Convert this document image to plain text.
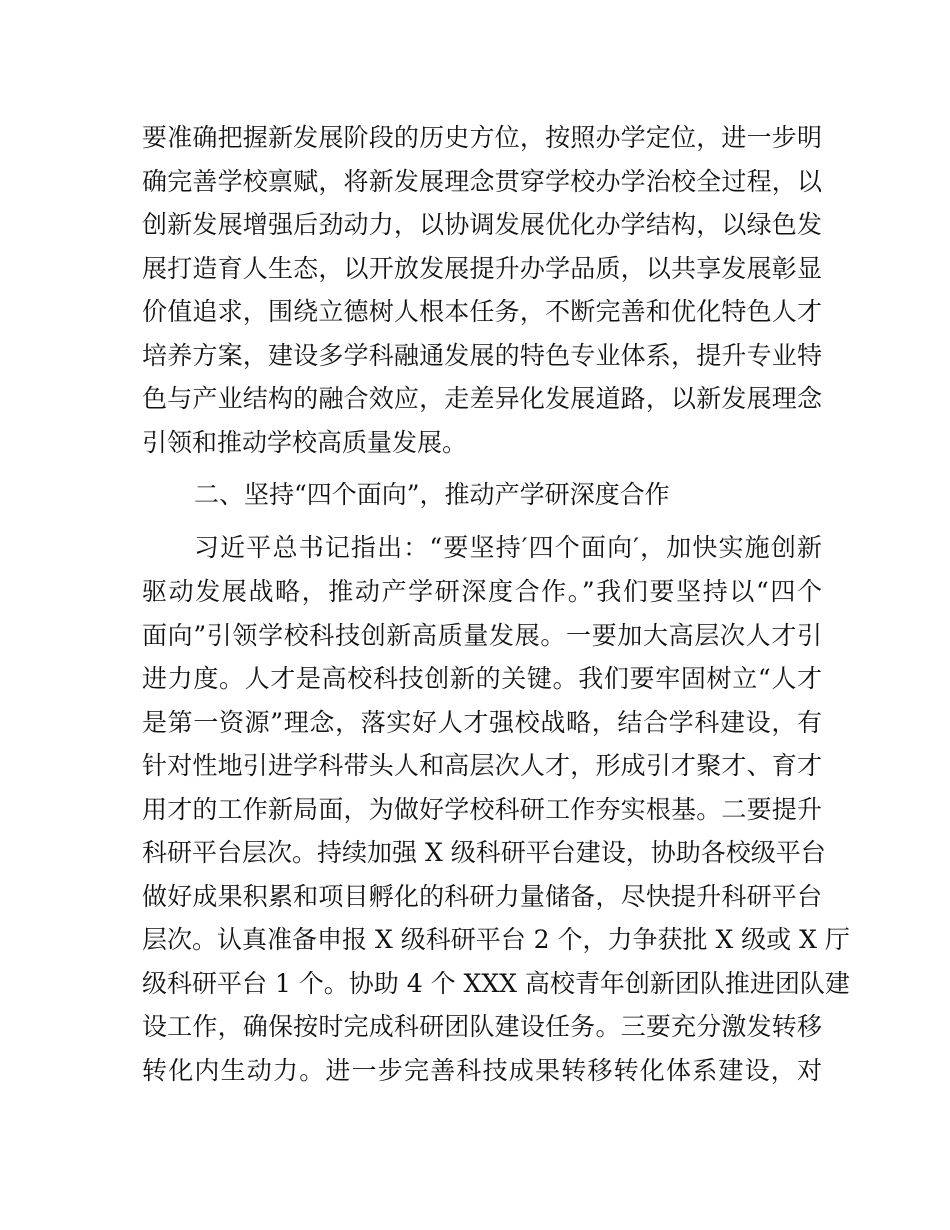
要准确把握新发展阶段的历史方位，按照办学定位，进一步明
确完善学校禀赋，将新发展理念贯穿学校办学治校全过程，以
创新发展增强后劲动力，以协调发展优化办学结构，以绿色发
展打造育人生态，以开放发展提升办学品质，以共享发展彰显
价值追求，围绕立德树人根本任务，不断完善和优化特色人才
培养方案，建设多学科融通发展的特色专业体系，提升专业特
色与产业结构的融合效应，走差异化发展道路，以新发展理念
引领和推动学校高质量发展。
二、坚持“四个面向”，推动产学研深度合作
习近平总书记指出：“要坚持′四个面向′，加快实施创新
驱动发展战略，推动产学研深度合作。”我们要坚持以“四个
面向”引领学校科技创新高质量发展。一要加大高层次人才引
进力度。人才是高校科技创新的关键。我们要牢固树立“人才
是第一资源”理念，落实好人才强校战略，结合学科建设，有
针对性地引进学科带头人和高层次人才，形成引才聚才、育才
用才的工作新局面，为做好学校科研工作夯实根基。二要提升
科研平台层次。持续加强 X 级科研平台建设，协助各校级平台
做好成果积累和项目孵化的科研力量储备，尽快提升科研平台
层次。认真准备申报 X 级科研平台 2 个，力争获批 X 级或 X 厅
级科研平台 1 个。协助 4 个 XXX 高校青年创新团队推进团队建
设工作，确保按时完成科研团队建设任务。三要充分激发转移
转化内生动力。进一步完善科技成果转移转化体系建设，对
